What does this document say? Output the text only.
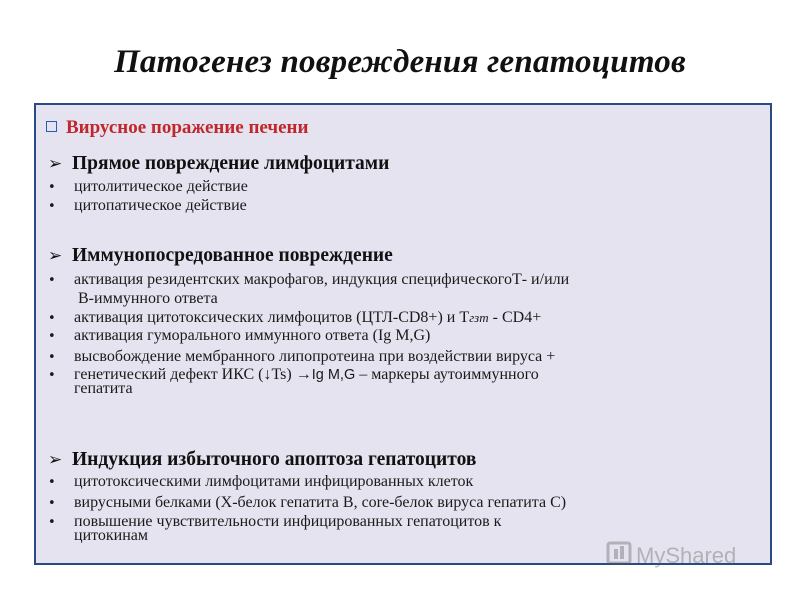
Патогенез повреждения гепатоцитов
Вирусное поражение печени
➢ Прямое повреждение лимфоцитами
• цитолитическое действие
• цитопатическое действие
➢ Иммунопосредованное повреждение
• активация резидентских макрофагов, индукция специфическогоТ- и/или
В-иммунного ответа
• активация цитотоксических лимфоцитов (ЦТЛ-CD8+) и Тгзт - CD4+
• активация гуморального иммунного ответа (Ig M,G)
• высвобождение мембранного липопротеина при воздействии вируса +
• генетический дефект ИКС (↓Ts) →Ig M,G – маркеры аутоиммунного
гепатита
➢ Индукция избыточного апоптоза гепатоцитов
• цитотоксическими лимфоцитами инфицированных клеток
• вирусными белками (Х-белок гепатита В, core-белок вируса гепатита С)
• повышение чувствительности инфицированных гепатоцитов к
цитокинам
MyShared
